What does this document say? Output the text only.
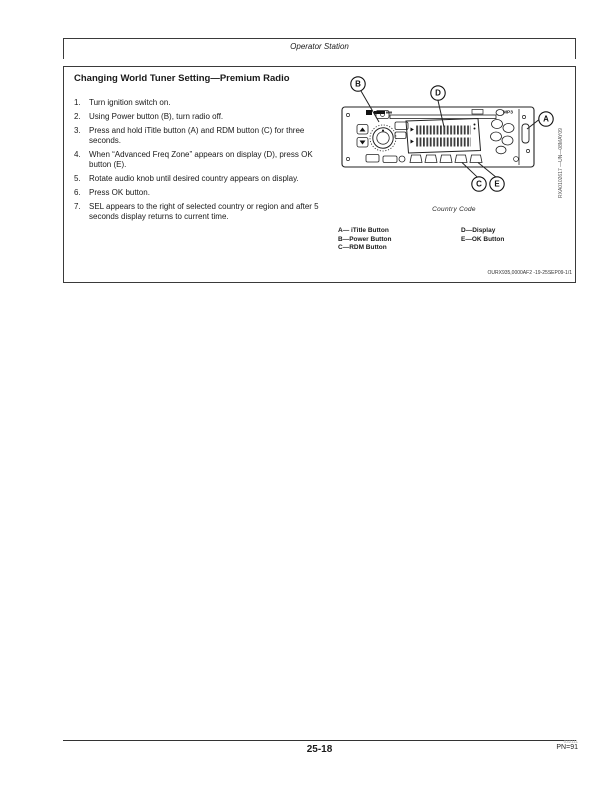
Operator Station
Changing World Tuner Setting—Premium Radio
1.	Turn ignition switch on.
2.	Using Power button (B), turn radio off.
3.	Press and hold iTitle button (A) and RDM button (C) for three seconds.
4.	When “Advanced Freq Zone” appears on display (D), press OK button (E).
5.	Rotate audio knob until desired country appears on display.
6.	Press OK button.
7.	SEL appears to the right of selected country or region and after 5 seconds display returns to current time.
MP3
B
D
A
C E	RXA0102617 —UN—08MAY09
Country Code
A— iTitle Button
B—Power Button
C—RDM Button
D—Display
E—OK Button
OURX935,0000AF2 -19-25SEP09-1/1
25-18
032111
PN=91
